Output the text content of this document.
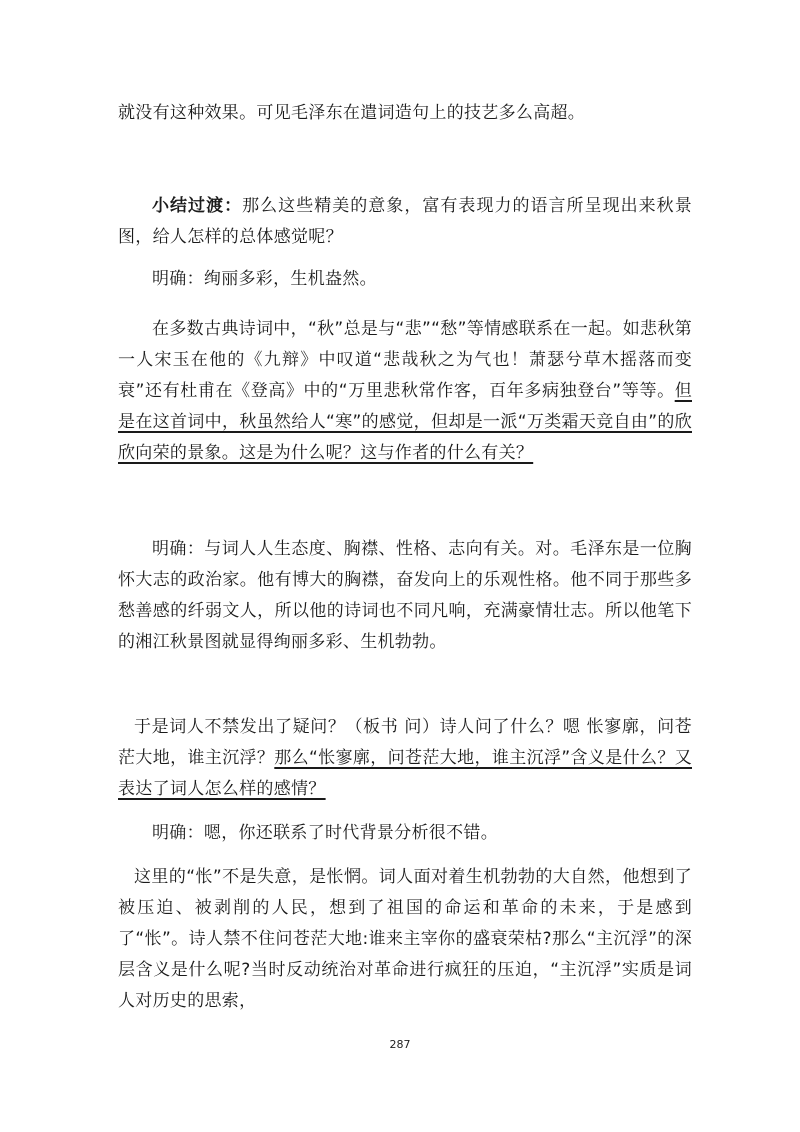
就没有这种效果。可见毛泽东在遣词造句上的技艺多么高超。

小结过渡：那么这些精美的意象，富有表现力的语言所呈现出来秋景图，给人怎样的总体感觉呢？

明确：绚丽多彩，生机盎然。

在多数古典诗词中，“秋”总是与“悲”“愁”等情感联系在一起。如悲秋第一人宋玉在他的《九辩》中叹道“悲哉秋之为气也！萧瑟兮草木摇落而变衰”还有杜甫在《登高》中的“万里悲秋常作客，百年多病独登台”等等。但是在这首词中，秋虽然给人“寒”的感觉，但却是一派“万类霜天竞自由”的欣欣向荣的景象。这是为什么呢？这与作者的什么有关？

明确：与词人人生态度、胸襟、性格、志向有关。对。毛泽东是一位胸怀大志的政治家。他有博大的胸襟，奋发向上的乐观性格。他不同于那些多愁善感的纤弱文人，所以他的诗词也不同凡响，充满豪情壮志。所以他笔下的湘江秋景图就显得绚丽多彩、生机勃勃。

于是词人不禁发出了疑问？（板书 问）诗人问了什么？嗯 怅寥廓，问苍茫大地，谁主沉浮？那么“怅寥廓，问苍茫大地，谁主沉浮”含义是什么？又表达了词人怎么样的感情？

明确：嗯，你还联系了时代背景分析很不错。

这里的“怅”不是失意，是怅惘。词人面对着生机勃勃的大自然，他想到了被压迫、被剥削的人民，想到了祖国的命运和革命的未来，于是感到了“怅”。诗人禁不住问苍茫大地:谁来主宰你的盛衰荣枯?那么“主沉浮”的深层含义是什么呢?当时反动统治对革命进行疯狂的压迫，“主沉浮”实质是词人对历史的思索，

287
